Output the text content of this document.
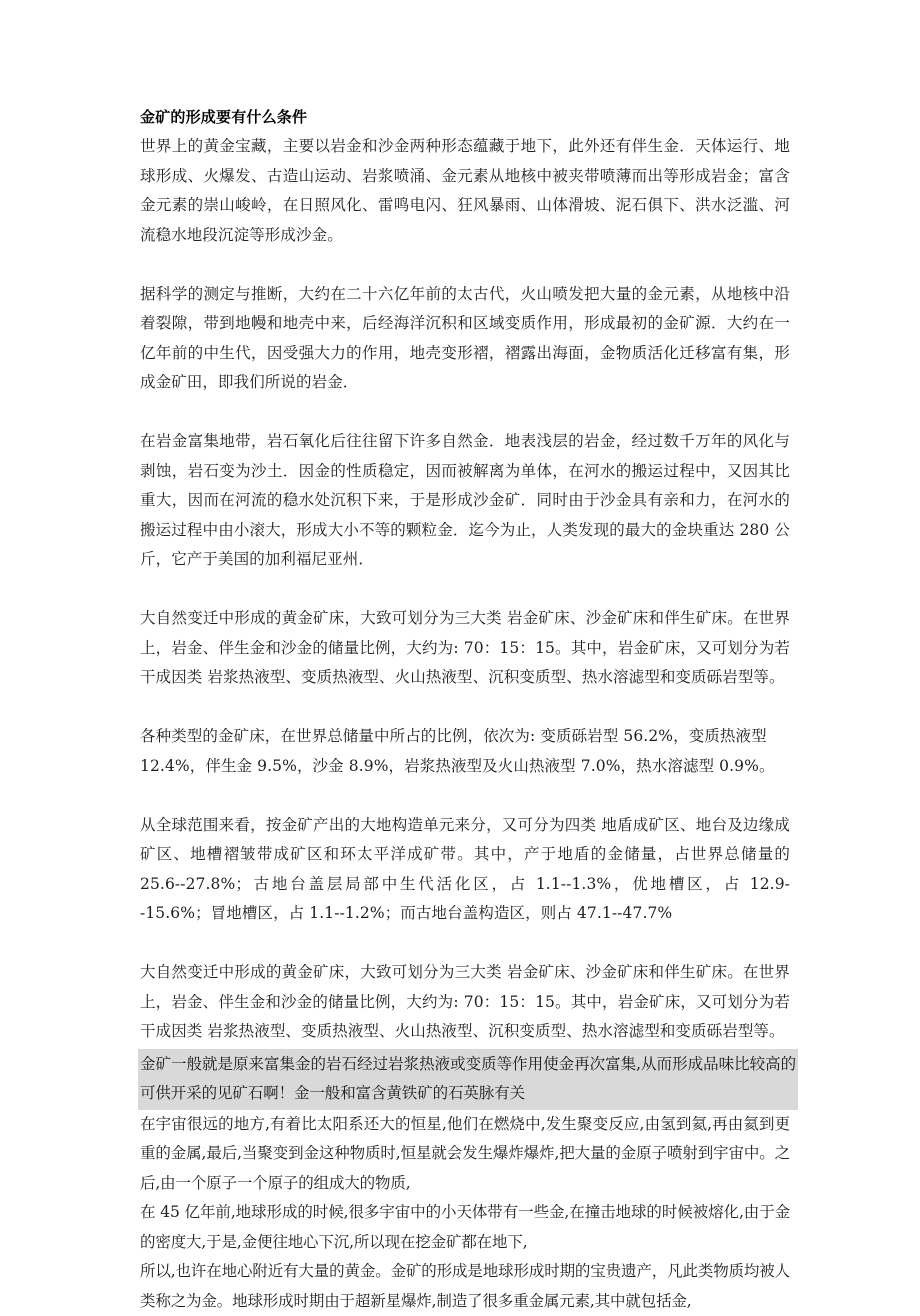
金矿的形成要有什么条件

世界上的黄金宝藏，主要以岩金和沙金两种形态蕴藏于地下，此外还有伴生金．天体运行、地球形成、火爆发、古造山运动、岩浆喷涌、金元素从地核中被夹带喷薄而出等形成岩金；富含金元素的崇山峻岭，在日照风化、雷鸣电闪、狂风暴雨、山体滑坡、泥石俱下、洪水泛滥、河流稳水地段沉淀等形成沙金。

据科学的测定与推断，大约在二十六亿年前的太古代，火山喷发把大量的金元素，从地核中沿着裂隙，带到地幔和地壳中来，后经海洋沉积和区域变质作用，形成最初的金矿源．大约在一亿年前的中生代，因受强大力的作用，地壳变形褶，褶露出海面，金物质活化迁移富有集，形成金矿田，即我们所说的岩金．

在岩金富集地带，岩石氧化后往往留下许多自然金．地表浅层的岩金，经过数千万年的风化与剥蚀，岩石变为沙土．因金的性质稳定，因而被解离为单体，在河水的搬运过程中，又因其比重大，因而在河流的稳水处沉积下来，于是形成沙金矿．同时由于沙金具有亲和力，在河水的搬运过程中由小滚大，形成大小不等的颗粒金．迄今为止，人类发现的最大的金块重达 280 公斤，它产于美国的加利福尼亚州．

大自然变迁中形成的黄金矿床，大致可划分为三大类 岩金矿床、沙金矿床和伴生矿床。在世界上，岩金、伴生金和沙金的储量比例，大约为: 70：15：15。其中，岩金矿床，又可划分为若干成因类 岩浆热液型、变质热液型、火山热液型、沉积变质型、热水溶滤型和变质砾岩型等。

各种类型的金矿床，在世界总储量中所占的比例，依次为: 变质砾岩型 56.2%，变质热液型 12.4%，伴生金 9.5%，沙金 8.9%，岩浆热液型及火山热液型 7.0%，热水溶滤型 0.9%。

从全球范围来看，按金矿产出的大地构造单元来分，又可分为四类 地盾成矿区、地台及边缘成矿区、地槽褶皱带成矿区和环太平洋成矿带。其中，产于地盾的金储量，占世界总储量的 25.6--27.8%；古地台盖层局部中生代活化区，占 1.1--1.3%，优地槽区，占 12.9--15.6%；冒地槽区，占 1.1--1.2%；而古地台盖构造区，则占 47.1--47.7%

大自然变迁中形成的黄金矿床，大致可划分为三大类 岩金矿床、沙金矿床和伴生矿床。在世界上，岩金、伴生金和沙金的储量比例，大约为: 70：15：15。其中，岩金矿床，又可划分为若干成因类 岩浆热液型、变质热液型、火山热液型、沉积变质型、热水溶滤型和变质砾岩型等。

金矿一般就是原来富集金的岩石经过岩浆热液或变质等作用使金再次富集,从而形成品味比较高的可供开采的见矿石啊！金一般和富含黄铁矿的石英脉有关

在宇宙很远的地方,有着比太阳系还大的恒星,他们在燃烧中,发生聚变反应,由氢到氦,再由氦到更重的金属,最后,当聚变到金这种物质时,恒星就会发生爆炸爆炸,把大量的金原子喷射到宇宙中。之后,由一个原子一个原子的组成大的物质,

在 45 亿年前,地球形成的时候,很多宇宙中的小天体带有一些金,在撞击地球的时候被熔化,由于金的密度大,于是,金便往地心下沉,所以现在挖金矿都在地下,

所以,也许在地心附近有大量的黄金。金矿的形成是地球形成时期的宝贵遗产，凡此类物质均被人类称之为金。地球形成时期由于超新星爆炸,制造了很多重金属元素,其中就包括金,
